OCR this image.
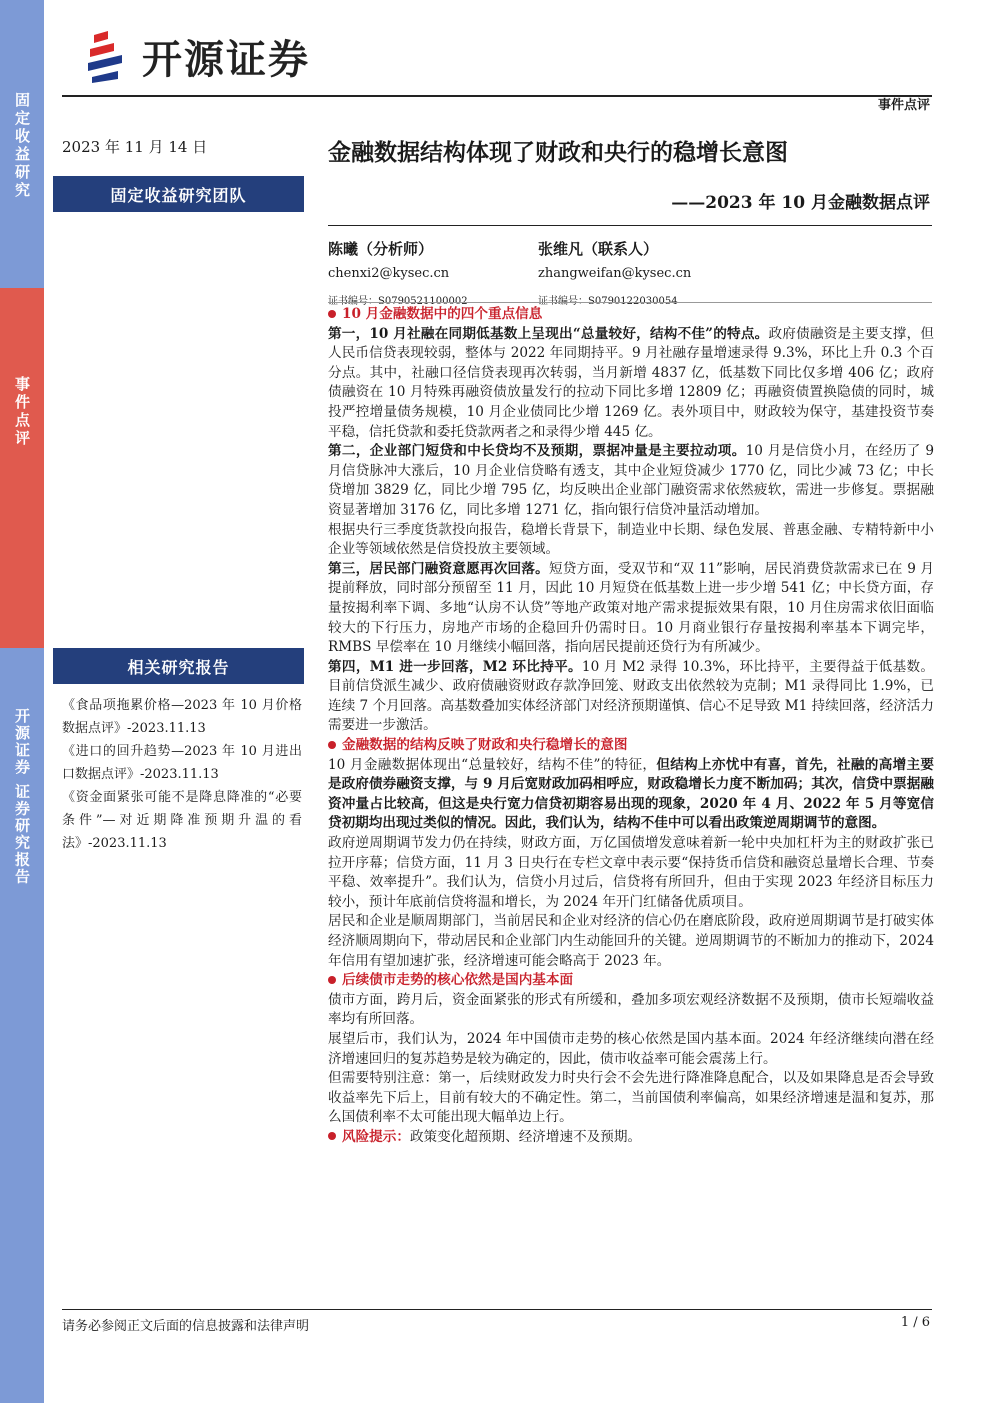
固定收益研究
事件点评
开源证券 证券研究报告
开源证券
事件点评
2023 年 11 月 14 日
固定收益研究团队
金融数据结构体现了财政和央行的稳增长意图
——2023 年 10 月金融数据点评
陈曦（分析师）
chenxi2@kysec.cn
张维凡（联系人）
zhangweifan@kysec.cn
相关研究报告

《食品项拖累价格—2023 年 10 月价格数据点评》-2023.11.13

《进口的回升趋势—2023 年 10 月进出口数据点评》-2023.11.13

《资金面紧张可能不是降息降准的“必要条件”—对近期降准预期升温的看法》-2023.11.13

10 月金融数据中的四个重点信息

第一，10 月社融在同期低基数上呈现出“总量较好，结构不佳”的特点。政府债融资是主要支撑，但人民币信贷表现较弱，整体与 2022 年同期持平。9 月社融存量增速录得 9.3%，环比上升 0.3 个百分点。其中，社融口径信贷表现再次转弱，当月新增 4837 亿，低基数下同比仅多增 406 亿；政府债融资在 10 月特殊再融资债放量发行的拉动下同比多增 12809 亿；再融资债置换隐债的同时，城投严控增量债务规模，10 月企业债同比少增 1269 亿。表外项目中，财政较为保守，基建投资节奏平稳，信托贷款和委托贷款两者之和录得少增 445 亿。

第二，企业部门短贷和中长贷均不及预期，票据冲量是主要拉动项。10 月是信贷小月，在经历了 9 月信贷脉冲大涨后，10 月企业信贷略有透支，其中企业短贷减少 1770 亿，同比少减 73 亿；中长贷增加 3829 亿，同比少增 795 亿，均反映出企业部门融资需求依然疲软，需进一步修复。票据融资显著增加 3176 亿，同比多增 1271 亿，指向银行信贷冲量活动增加。

根据央行三季度货款投向报告，稳增长背景下，制造业中长期、绿色发展、普惠金融、专精特新中小企业等领域依然是信贷投放主要领域。

第三，居民部门融资意愿再次回落。短贷方面，受双节和“双 11”影响，居民消费贷款需求已在 9 月提前释放，同时部分预留至 11 月，因此 10 月短贷在低基数上进一步少增 541 亿；中长贷方面，存量按揭利率下调、多地“认房不认贷”等地产政策对地产需求提振效果有限，10 月住房需求依旧面临较大的下行压力，房地产市场的企稳回升仍需时日。10 月商业银行存量按揭利率基本下调完毕，RMBS 早偿率在 10 月继续小幅回落，指向居民提前还贷行为有所减少。

第四，M1 进一步回落，M2 环比持平。10 月 M2 录得 10.3%，环比持平，主要得益于低基数。目前信贷派生减少、政府债融资财政存款净回笼、财政支出依然较为克制；M1 录得同比 1.9%，已连续 7 个月回落。高基数叠加实体经济部门对经济预期谨慎、信心不足导致 M1 持续回落，经济活力需要进一步激活。

金融数据的结构反映了财政和央行稳增长的意图

10 月金融数据体现出“总量较好，结构不佳”的特征，但结构上亦忧中有喜，首先，社融的高增主要是政府债券融资支撑，与 9 月后宽财政加码相呼应，财政稳增长力度不断加码；其次，信贷中票据融资冲量占比较高，但这是央行宽力信贷初期容易出现的现象，2020 年 4 月、2022 年 5 月等宽信贷初期均出现过类似的情况。因此，我们认为，结构不佳中可以看出政策逆周期调节的意图。

政府逆周期调节发力仍在持续，财政方面，万亿国债增发意味着新一轮中央加杠杆为主的财政扩张已拉开序幕；信贷方面，11 月 3 日央行在专栏文章中表示要“保持货币信贷和融资总量增长合理、节奏平稳、效率提升”。我们认为，信贷小月过后，信贷将有所回升，但由于实现 2023 年经济目标压力较小，预计年底前信贷将温和增长，为 2024 年开门红储备优质项目。

居民和企业是顺周期部门，当前居民和企业对经济的信心仍在磨底阶段，政府逆周期调节是打破实体经济顺周期向下，带动居民和企业部门内生动能回升的关键。逆周期调节的不断加力的推动下，2024 年信用有望加速扩张，经济增速可能会略高于 2023 年。

后续债市走势的核心依然是国内基本面

债市方面，跨月后，资金面紧张的形式有所缓和，叠加多项宏观经济数据不及预期，债市长短端收益率均有所回落。

展望后市，我们认为，2024 年中国债市走势的核心依然是国内基本面。2024 年经济继续向潜在经济增速回归的复苏趋势是较为确定的，因此，债市收益率可能会震荡上行。

但需要特别注意：第一，后续财政发力时央行会不会先进行降准降息配合，以及如果降息是否会导致收益率先下后上，目前有较大的不确定性。第二，当前国债利率偏高，如果经济增速是温和复苏，那么国债利率不太可能出现大幅单边上行。

风险提示：政策变化超预期、经济增速不及预期。
请务必参阅正文后面的信息披露和法律声明	1 / 6
